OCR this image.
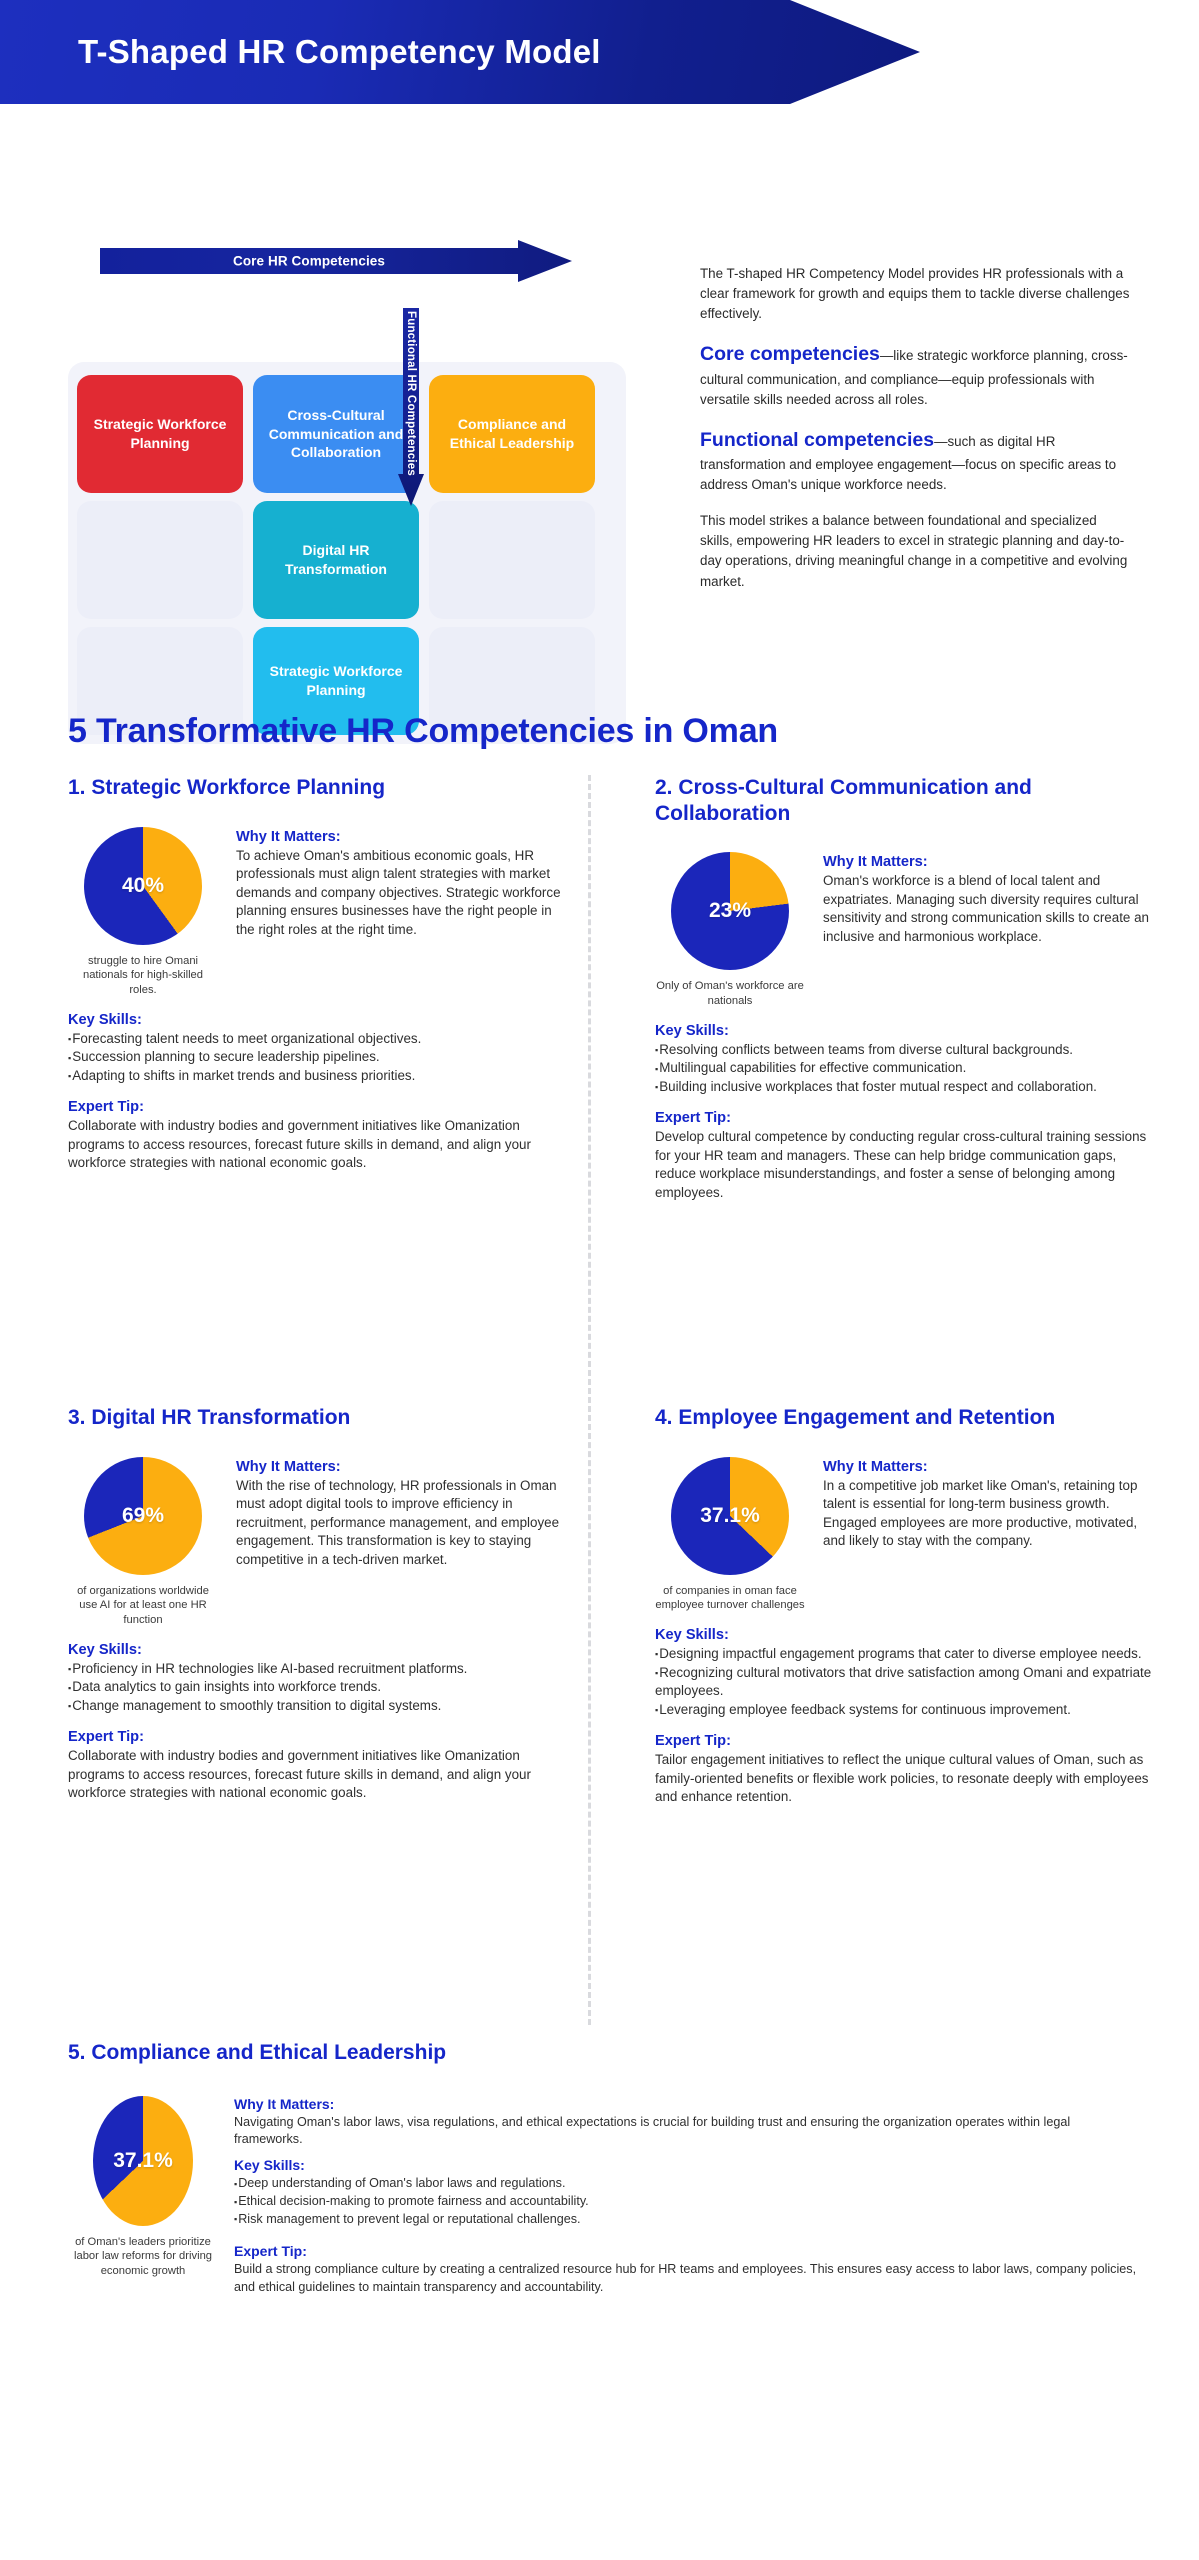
T-Shaped HR Competency Model
Core HR Competencies
Strategic Workforce Planning
Cross-Cultural Communication and Collaboration
Compliance and Ethical Leadership
Digital HR Transformation
Strategic Workforce Planning
Functional HR Competencies

The T-shaped HR Competency Model provides HR professionals with a clear framework for growth and equips them to tackle diverse challenges effectively.

Core competencies—like strategic workforce planning, cross-cultural communication, and compliance—equip professionals with versatile skills needed across all roles.

Functional competencies—such as digital HR transformation and employee engagement—focus on specific areas to address Oman's unique workforce needs.

This model strikes a balance between foundational and specialized skills, empowering HR leaders to excel in strategic planning and day-to-day operations, driving meaningful change in a competitive and evolving market.

5 Transformative HR Competencies in Oman
1. Strategic Workforce Planning
40%
struggle to hire Omani nationals for high-skilled roles.
Why It Matters:

To achieve Oman's ambitious economic goals, HR professionals must align talent strategies with market demands and company objectives. Strategic workforce planning ensures businesses have the right people in the right roles at the right time.

Key Skills:
▪ Forecasting talent needs to meet organizational objectives.
▪ Succession planning to secure leadership pipelines.
▪ Adapting to shifts in market trends and business priorities.
Expert Tip:

Collaborate with industry bodies and government initiatives like Omanization programs to access resources, forecast future skills in demand, and align your workforce strategies with national economic goals.

2. Cross-Cultural Communication and Collaboration
23%
Only of Oman's workforce are nationals
Why It Matters:

Oman's workforce is a blend of local talent and expatriates. Managing such diversity requires cultural sensitivity and strong communication skills to create an inclusive and harmonious workplace.

Key Skills:
▪ Resolving conflicts between teams from diverse cultural backgrounds.
▪ Multilingual capabilities for effective communication.
▪ Building inclusive workplaces that foster mutual respect and collaboration.
Expert Tip:

Develop cultural competence by conducting regular cross-cultural training sessions for your HR team and managers. These can help bridge communication gaps, reduce workplace misunderstandings, and foster a sense of belonging among employees.

3. Digital HR Transformation
69%
of organizations worldwide use AI for at least one HR function
Why It Matters:

With the rise of technology, HR professionals in Oman must adopt digital tools to improve efficiency in recruitment, performance management, and employee engagement. This transformation is key to staying competitive in a tech-driven market.

Key Skills:
▪ Proficiency in HR technologies like AI-based recruitment platforms.
▪ Data analytics to gain insights into workforce trends.
▪ Change management to smoothly transition to digital systems.
Expert Tip:

Collaborate with industry bodies and government initiatives like Omanization programs to access resources, forecast future skills in demand, and align your workforce strategies with national economic goals.

4. Employee Engagement and Retention
37.1%
of companies in oman face employee turnover challenges
Why It Matters:

In a competitive job market like Oman's, retaining top talent is essential for long-term business growth. Engaged employees are more productive, motivated, and likely to stay with the company.

Key Skills:
▪ Designing impactful engagement programs that cater to diverse employee needs.
▪ Recognizing cultural motivators that drive satisfaction among Omani and expatriate employees.
▪ Leveraging employee feedback systems for continuous improvement.
Expert Tip:

Tailor engagement initiatives to reflect the unique cultural values of Oman, such as family-oriented benefits or flexible work policies, to resonate deeply with employees and enhance retention.

5. Compliance and Ethical Leadership
37.1%
of Oman's leaders prioritize labor law reforms for driving economic growth
Why It Matters:

Navigating Oman's labor laws, visa regulations, and ethical expectations is crucial for building trust and ensuring the organization operates within legal frameworks.

Key Skills:
▪ Deep understanding of Oman's labor laws and regulations.
▪ Ethical decision-making to promote fairness and accountability.
▪ Risk management to prevent legal or reputational challenges.
Expert Tip:

Build a strong compliance culture by creating a centralized resource hub for HR teams and employees. This ensures easy access to labor laws, company policies, and ethical guidelines to maintain transparency and accountability.
